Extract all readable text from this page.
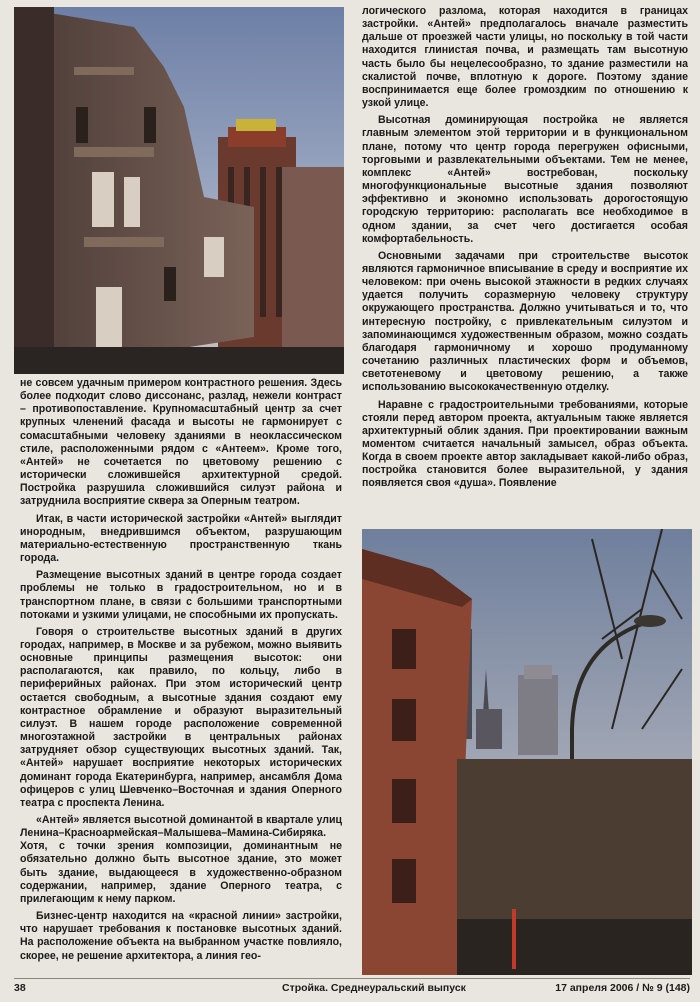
не совсем удачным примером контрастного решения. Здесь более подходит слово диссонанс, разлад, нежели контраст – противопоставление. Крупномасштабный центр за счет крупных членений фасада и высоты не гармонирует с сомасштабными человеку зданиями в неоклассическом стиле, расположенными рядом с «Антеем». Кроме того, «Антей» не сочетается по цветовому решению с исторически сложившейся архитектурной средой. Постройка разрушила сложившийся силуэт района и затруднила восприятие сквера за Оперным театром.

Итак, в части исторической застройки «Антей» выглядит инородным, внедрившимся объектом, разрушающим материально-естественную пространственную ткань города.

Размещение высотных зданий в центре города создает проблемы не только в градостроительном, но и в транспортном плане, в связи с большими транспортными потоками и узкими улицами, не способными их пропускать.

Говоря о строительстве высотных зданий в других городах, например, в Москве и за рубежом, можно выявить основные принципы размещения высоток: они располагаются, как правило, по кольцу, либо в периферийных районах. При этом исторический центр остается свободным, а высотные здания создают ему контрастное обрамление и образуют выразительный силуэт. В нашем городе расположение современной многоэтажной застройки в центральных районах затрудняет обзор существующих высотных зданий. Так, «Антей» нарушает восприятие некоторых исторических доминант города Екатеринбурга, например, ансамбля Дома офицеров с улиц Шевченко–Восточная и здания Оперного театра с проспекта Ленина.

«Антей» является высотной доминантой в квартале улиц Ленина–Красноармейская–Малышева–Мамина-Сибиряка. Хотя, с точки зрения композиции, доминантным не обязательно должно быть высотное здание, это может быть здание, выдающееся в художественно-образном содержании, например, здание Оперного театра, с прилегающим к нему парком.

Бизнес-центр находится на «красной линии» застройки, что нарушает требования к постановке высотных зданий. На расположение объекта на выбранном участке повлияло, скорее, не решение архитектора, а линия гео-

логического разлома, которая находится в границах застройки. «Антей» предполагалось вначале разместить дальше от проезжей части улицы, но поскольку в той части находится глинистая почва, и размещать там высотную часть было бы нецелесообразно, то здание разместили на скалистой почве, вплотную к дороге. Поэтому здание воспринимается еще более громоздким по отношению к узкой улице.

Высотная доминирующая постройка не является главным элементом этой территории и в функциональном плане, потому что центр города перегружен офисными, торговыми и развлекательными объектами. Тем не менее, комплекс «Антей» востребован, поскольку многофункциональные высотные здания позволяют эффективно и экономно использовать дорогостоящую городскую территорию: располагать все необходимое в одном здании, за счет чего достигается особая комфортабельность.

Основными задачами при строительстве высоток являются гармоничное вписывание в среду и восприятие их человеком: при очень высокой этажности в редких случаях удается получить соразмерную человеку структуру окружающего пространства. Должно учитываться и то, что интересную постройку, с привлекательным силуэтом и запоминающимся художественным образом, можно создать благодаря гармоничному и хорошо продуманному сочетанию различных пластических форм и объемов, светотеневому и цветовому решению, а также использованию высококачественную отделку.

Наравне с градостроительными требованиями, которые стояли перед автором проекта, актуальным также является архитектурный облик здания. При проектировании важным моментом считается начальный замысел, образ объекта. Когда в своем проекте автор закладывает какой-либо образ, постройка становится более выразительной, у здания появляется своя «душа». Появление

38	Стройка. Среднеуральский выпуск	17 апреля 2006 / № 9 (148)
